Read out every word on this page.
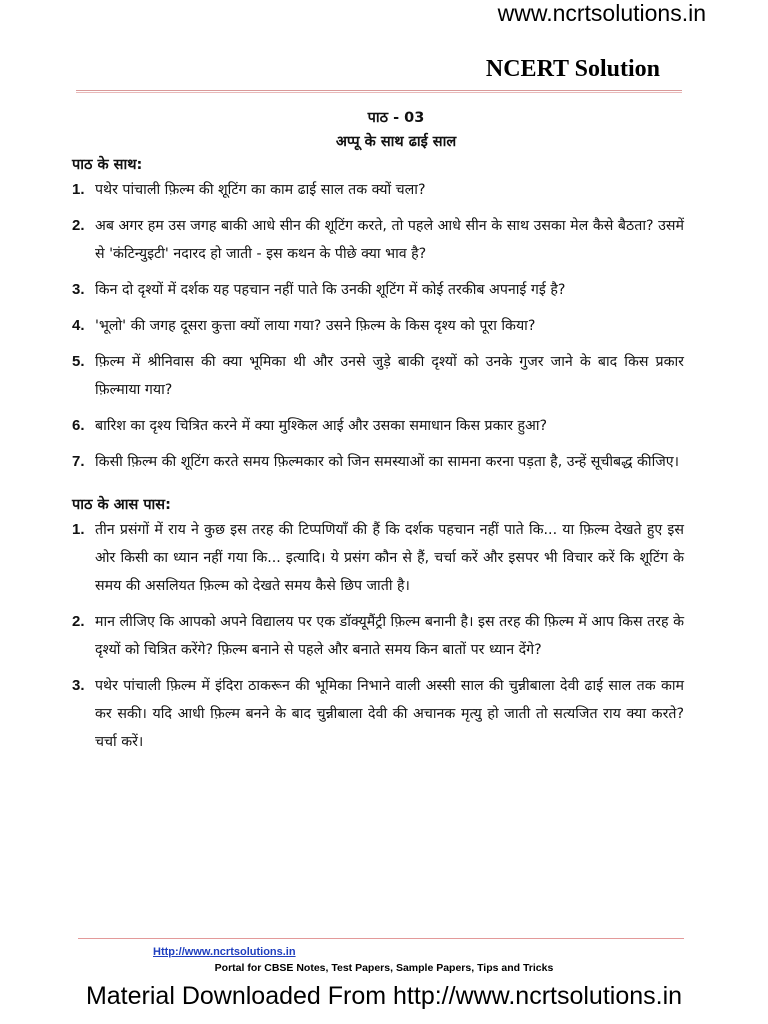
www.ncrtsolutions.in
NCERT Solution
पाठ - 03
अप्पू के साथ ढाई साल
पाठ के साथ:
1. पथेर पांचाली फ़िल्म की शूटिंग का काम ढाई साल तक क्यों चला?
2. अब अगर हम उस जगह बाकी आधे सीन की शूटिंग करते, तो पहले आधे सीन के साथ उसका मेल कैसे बैठता? उसमें से 'कंटिन्युइटी' नदारद हो जाती - इस कथन के पीछे क्या भाव है?
3. किन दो दृश्यों में दर्शक यह पहचान नहीं पाते कि उनकी शूटिंग में कोई तरकीब अपनाई गई है?
4. 'भूलो' की जगह दूसरा कुत्ता क्यों लाया गया? उसने फ़िल्म के किस दृश्य को पूरा किया?
5. फ़िल्म में श्रीनिवास की क्या भूमिका थी और उनसे जुड़े बाकी दृश्यों को उनके गुजर जाने के बाद किस प्रकार फ़िल्माया गया?
6. बारिश का दृश्य चित्रित करने में क्या मुश्किल आई और उसका समाधान किस प्रकार हुआ?
7. किसी फ़िल्म की शूटिंग करते समय फ़िल्मकार को जिन समस्याओं का सामना करना पड़ता है, उन्हें सूचीबद्ध कीजिए।
पाठ के आस पास:
1. तीन प्रसंगों में राय ने कुछ इस तरह की टिप्पणियाँ की हैं कि दर्शक पहचान नहीं पाते कि... या फ़िल्म देखते हुए इस ओर किसी का ध्यान नहीं गया कि... इत्यादि। ये प्रसंग कौन से हैं, चर्चा करें और इसपर भी विचार करें कि शूटिंग के समय की असलियत फ़िल्म को देखते समय कैसे छिप जाती है।
2. मान लीजिए कि आपको अपने विद्यालय पर एक डॉक्यूमैंट्री फ़िल्म बनानी है। इस तरह की फ़िल्म में आप किस तरह के दृश्यों को चित्रित करेंगे? फ़िल्म बनाने से पहले और बनाते समय किन बातों पर ध्यान देंगे?
3. पथेर पांचाली फ़िल्म में इंदिरा ठाकरून की भूमिका निभाने वाली अस्सी साल की चुन्नीबाला देवी ढाई साल तक काम कर सकी। यदि आधी फ़िल्म बनने के बाद चुन्नीबाला देवी की अचानक मृत्यु हो जाती तो सत्यजित राय क्या करते? चर्चा करें।
Http://www.ncrtsolutions.in
Portal for CBSE Notes, Test Papers, Sample Papers, Tips and Tricks
Material Downloaded From http://www.ncrtsolutions.in
